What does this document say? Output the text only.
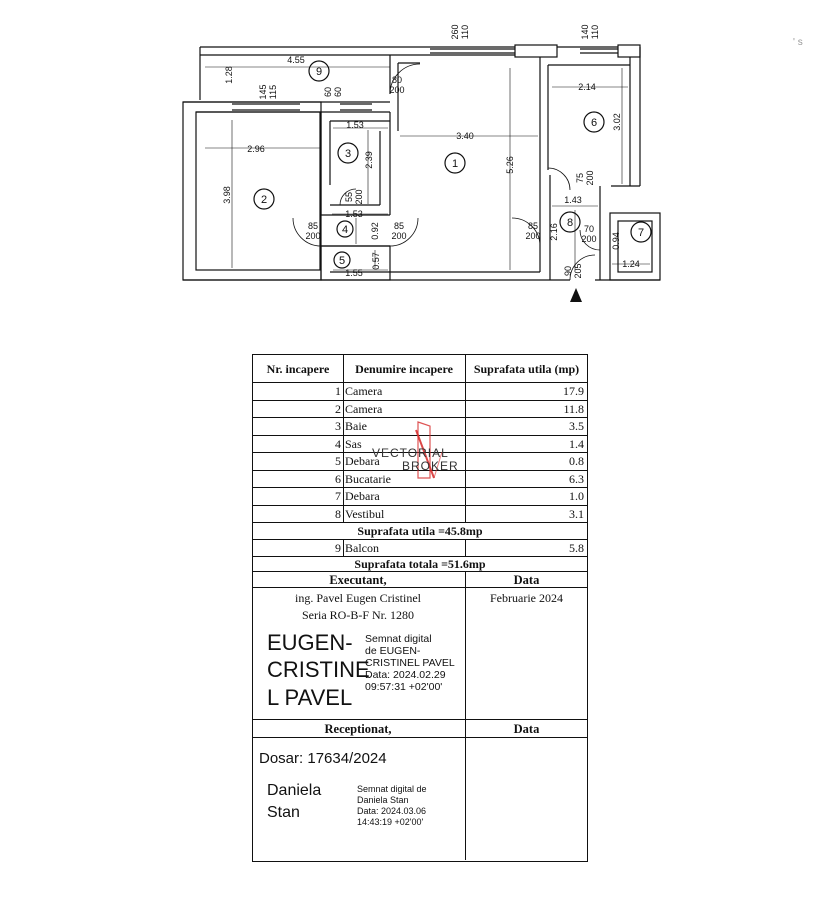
' s
260 110	140 110
4.55
1.28
145 115	60 60
80
200
2.96
3.98
1.53
2.39
55 200
3.40
5.26
2.14
3.02
75 200
1.53
85
200	0.92 85
200
0.57
1.55
85
200 2.16
1.43
70
200 0.94
1.24
90 205
1
2
3
4
5
6
7
8
9
Nr. incapere	Denumire incapere	Suprafata utila (mp)
1 Camera	17.9
2 Camera	11.8
3 Baie	3.5
4 Sas	1.4
5 Debara	0.8
6 Bucatarie	6.3
7 Debara	1.0
8 Vestibul	3.1
Suprafata utila =45.8mp
9 Balcon	5.8
Suprafata totala =51.6mp
Executant,	Data
ing. Pavel Eugen Cristinel
Seria RO-B-F Nr. 1280
EUGEN-
CRISTINE
L PAVEL
Semnat digital
de EUGEN-
CRISTINEL PAVEL
Data: 2024.02.29
09:57:31 +02'00'
Februarie 2024
Receptionat,	Data
Dosar: 17634/2024
Daniela
Stan
Semnat digital de
Daniela Stan
Data: 2024.03.06
14:43:19 +02'00'
VECTORIAL
BROKER
